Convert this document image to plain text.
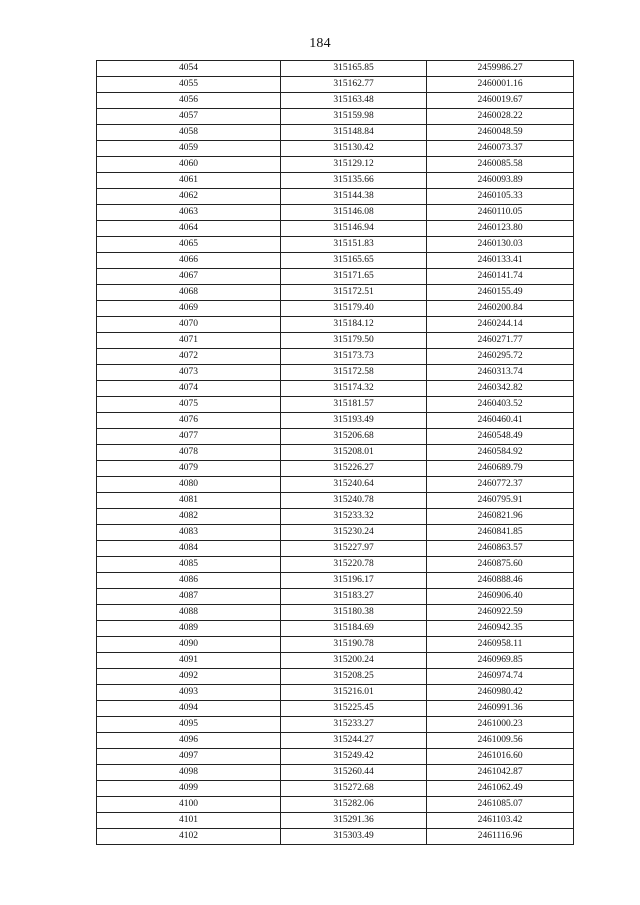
184
4054	315165.85	2459986.27
4055	315162.77	2460001.16
4056	315163.48	2460019.67
4057	315159.98	2460028.22
4058	315148.84	2460048.59
4059	315130.42	2460073.37
4060	315129.12	2460085.58
4061	315135.66	2460093.89
4062	315144.38	2460105.33
4063	315146.08	2460110.05
4064	315146.94	2460123.80
4065	315151.83	2460130.03
4066	315165.65	2460133.41
4067	315171.65	2460141.74
4068	315172.51	2460155.49
4069	315179.40	2460200.84
4070	315184.12	2460244.14
4071	315179.50	2460271.77
4072	315173.73	2460295.72
4073	315172.58	2460313.74
4074	315174.32	2460342.82
4075	315181.57	2460403.52
4076	315193.49	2460460.41
4077	315206.68	2460548.49
4078	315208.01	2460584.92
4079	315226.27	2460689.79
4080	315240.64	2460772.37
4081	315240.78	2460795.91
4082	315233.32	2460821.96
4083	315230.24	2460841.85
4084	315227.97	2460863.57
4085	315220.78	2460875.60
4086	315196.17	2460888.46
4087	315183.27	2460906.40
4088	315180.38	2460922.59
4089	315184.69	2460942.35
4090	315190.78	2460958.11
4091	315200.24	2460969.85
4092	315208.25	2460974.74
4093	315216.01	2460980.42
4094	315225.45	2460991.36
4095	315233.27	2461000.23
4096	315244.27	2461009.56
4097	315249.42	2461016.60
4098	315260.44	2461042.87
4099	315272.68	2461062.49
4100	315282.06	2461085.07
4101	315291.36	2461103.42
4102	315303.49	2461116.96
